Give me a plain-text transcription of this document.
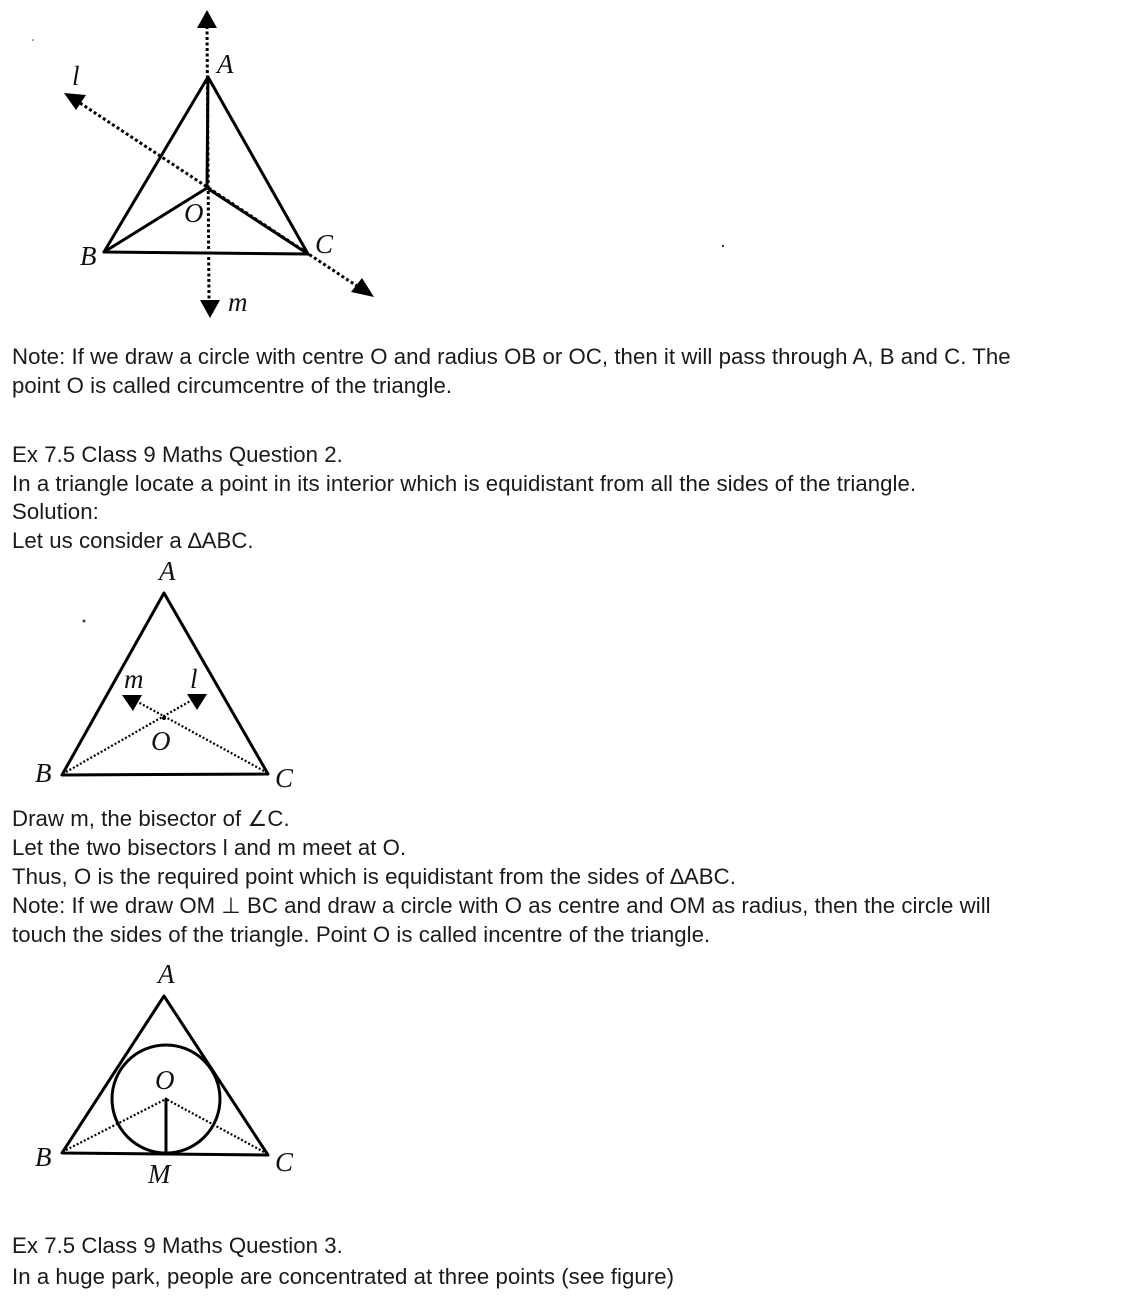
A
l
O
B	C
m
Note: If we draw a circle with centre O and radius OB or OC, then it will pass through A, B and C. The
point O is called circumcentre of the triangle.
Ex 7.5 Class 9 Maths Question 2.
In a triangle locate a point in its interior which is equidistant from all the sides of the triangle.
Solution:
Let us consider a ∆ABC.
A
m l
O
B	C
Draw m, the bisector of ∠C.
Let the two bisectors l and m meet at O.
Thus, O is the required point which is equidistant from the sides of ∆ABC.
Note: If we draw OM ⊥ BC and draw a circle with O as centre and OM as radius, then the circle will
touch the sides of the triangle. Point O is called incentre of the triangle.
A
O
B	C
M
Ex 7.5 Class 9 Maths Question 3.
In a huge park, people are concentrated at three points (see figure)
